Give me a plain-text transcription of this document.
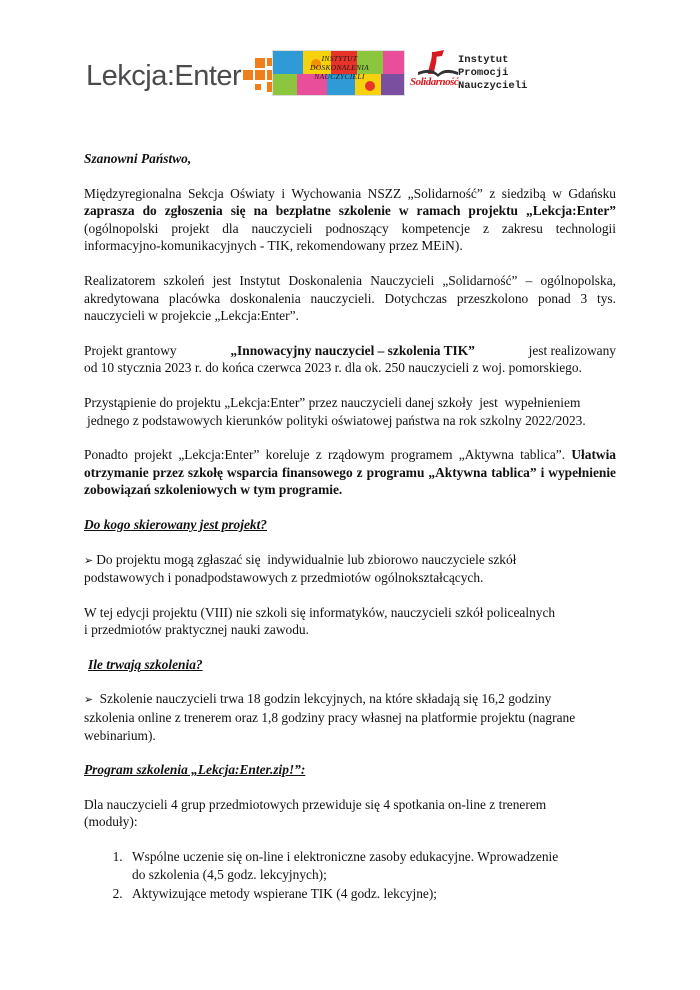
Lekcja:Enter
INSTYTUT
DOSKONALENIA
NAUCZYCIELI	Solidarność
Instytut
Promocji
Nauczycieli

Szanowni Państwo,

Międzyregionalna Sekcja Oświaty i Wychowania NSZZ „Solidarność” z siedzibą w Gdańsku zaprasza do zgłoszenia się na bezpłatne szkolenie w ramach projektu „Lekcja:Enter” (ogólnopolski projekt dla nauczycieli podnoszący kompetencje z zakresu technologii informacyjno-komunikacyjnych - TIK, rekomendowany przez MEiN).

Realizatorem szkoleń jest Instytut Doskonalenia Nauczycieli „Solidarność” – ogólnopolska, akredytowana placówka doskonalenia nauczycieli. Dotychczas przeszkolono ponad 3 tys. nauczycieli w projekcie „Lekcja:Enter”.

Projekt grantowy	„Innowacyjny nauczyciel – szkolenia TIK”	jest realizowany
od 10 stycznia 2023 r. do końca czerwca 2023 r. dla ok. 250 nauczycieli z woj. pomorskiego.

Przystąpienie do projektu „Lekcja:Enter” przez nauczycieli danej szkoły  jest  wypełnieniem
jednego z podstawowych kierunków polityki oświatowej państwa na rok szkolny 2022/2023.

Ponadto projekt „Lekcja:Enter” koreluje z rządowym programem „Aktywna tablica”. Ułatwia otrzymanie przez szkołę wsparcia finansowego z programu „Aktywna tablica” i wypełnienie zobowiązań szkoleniowych w tym programie.

Do kogo skierowany jest projekt?

➢ Do projektu mogą zgłaszać się  indywidualnie lub zbiorowo nauczyciele szkół
podstawowych i ponadpodstawowych z przedmiotów ogólnokształcących.

W tej edycji projektu (VIII) nie szkoli się informatyków, nauczycieli szkół policealnych
i przedmiotów praktycznej nauki zawodu.

Ile trwają szkolenia?

➢ Szkolenie nauczycieli trwa 18 godzin lekcyjnych, na które składają się 16,2 godziny
szkolenia online z trenerem oraz 1,8 godziny pracy własnej na platformie projektu (nagrane
webinarium).

Program szkolenia „Lekcja:Enter.zip!”:

Dla nauczycieli 4 grup przedmiotowych przewiduje się 4 spotkania on-line z trenerem
(moduły):

1. Wspólne uczenie się on-line i elektroniczne zasoby edukacyjne. Wprowadzenie
do szkolenia (4,5 godz. lekcyjnych);
2. Aktywizujące metody wspierane TIK (4 godz. lekcyjne);
